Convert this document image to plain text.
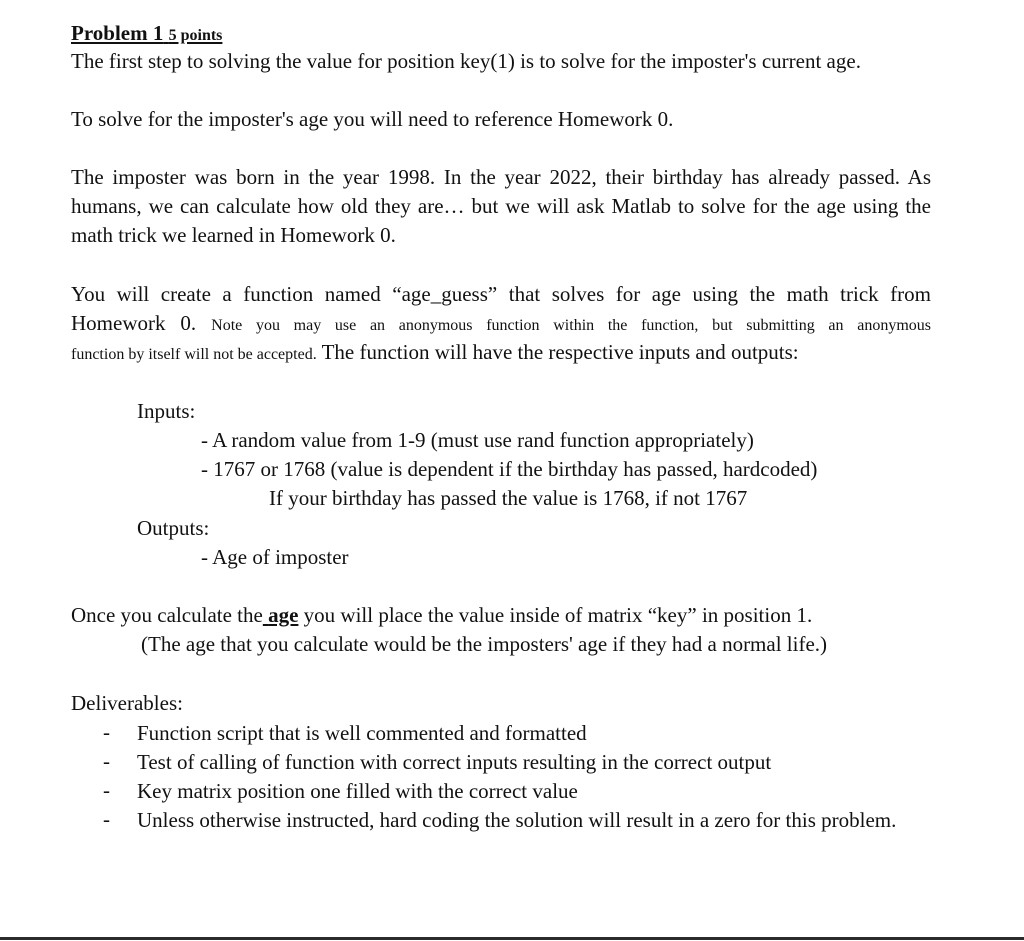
Problem 1 5 points
The first step to solving the value for position key(1) is to solve for the imposter's current age.
To solve for the imposter's age you will need to reference Homework 0.
The imposter was born in the year 1998. In the year 2022, their birthday has already passed. As humans, we can calculate how old they are… but we will ask Matlab to solve for the age using the math trick we learned in Homework 0.
You will create a function named “age_guess” that solves for age using the math trick from
Homework 0. Note you may use an anonymous function within the function, but submitting an anonymous
function by itself will not be accepted. The function will have the respective inputs and outputs:
Inputs:
- A random value from 1-9 (must use rand function appropriately)
- 1767 or 1768 (value is dependent if the birthday has passed, hardcoded)
If your birthday has passed the value is 1768, if not 1767
Outputs:
- Age of imposter
Once you calculate the age you will place the value inside of matrix “key” in position 1.
(The age that you calculate would be the imposters' age if they had a normal life.)
Deliverables:
- Function script that is well commented and formatted
- Test of calling of function with correct inputs resulting in the correct output
- Key matrix position one filled with the correct value
- Unless otherwise instructed, hard coding the solution will result in a zero for this problem.
